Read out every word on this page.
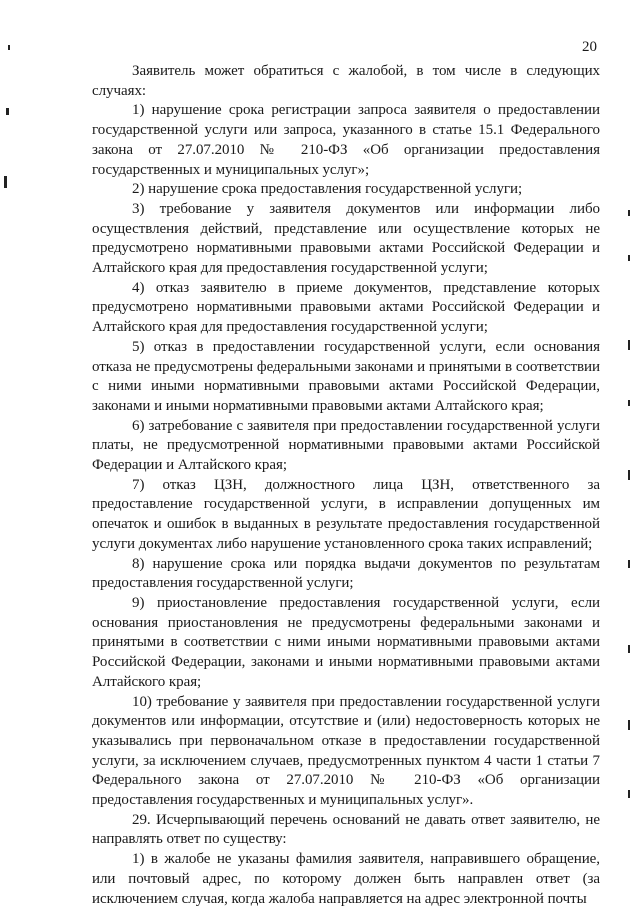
20

Заявитель может обратиться с жалобой, в том числе в следующих случаях:

1) нарушение срока регистрации запроса заявителя о предоставлении государственной услуги или запроса, указанного в статье 15.1 Федерального закона от 27.07.2010 № 210-ФЗ «Об организации предоставления государственных и муниципальных услуг»;

2) нарушение срока предоставления государственной услуги;

3) требование у заявителя документов или информации либо осуществления действий, представление или осуществление которых не предусмотрено нормативными правовыми актами Российской Федерации и Алтайского края для предоставления государственной услуги;

4) отказ заявителю в приеме документов, представление которых предусмотрено нормативными правовыми актами Российской Федерации и Алтайского края для предоставления государственной услуги;

5) отказ в предоставлении государственной услуги, если основания отказа не предусмотрены федеральными законами и принятыми в соответствии с ними иными нормативными правовыми актами Российской Федерации, законами и иными нормативными правовыми актами Алтайского края;

6) затребование с заявителя при предоставлении государственной услуги платы, не предусмотренной нормативными правовыми актами Российской Федерации и Алтайского края;

7) отказ ЦЗН, должностного лица ЦЗН, ответственного за предоставление государственной услуги, в исправлении допущенных им опечаток и ошибок в выданных в результате предоставления государственной услуги документах либо нарушение установленного срока таких исправлений;

8) нарушение срока или порядка выдачи документов по результатам предоставления государственной услуги;

9) приостановление предоставления государственной услуги, если основания приостановления не предусмотрены федеральными законами и принятыми в соответствии с ними иными нормативными правовыми актами Российской Федерации, законами и иными нормативными правовыми актами Алтайского края;

10) требование у заявителя при предоставлении государственной услуги документов или информации, отсутствие и (или) недостоверность которых не указывались при первоначальном отказе в предоставлении государственной услуги, за исключением случаев, предусмотренных пунктом 4 части 1 статьи 7 Федерального закона от 27.07.2010 № 210-ФЗ «Об организации предоставления государственных и муниципальных услуг».

29. Исчерпывающий перечень оснований не давать ответ заявителю, не направлять ответ по существу:

1) в жалобе не указаны фамилия заявителя, направившего обращение, или почтовый адрес, по которому должен быть направлен ответ (за исключением случая, когда жалоба направляется на адрес электронной почты
